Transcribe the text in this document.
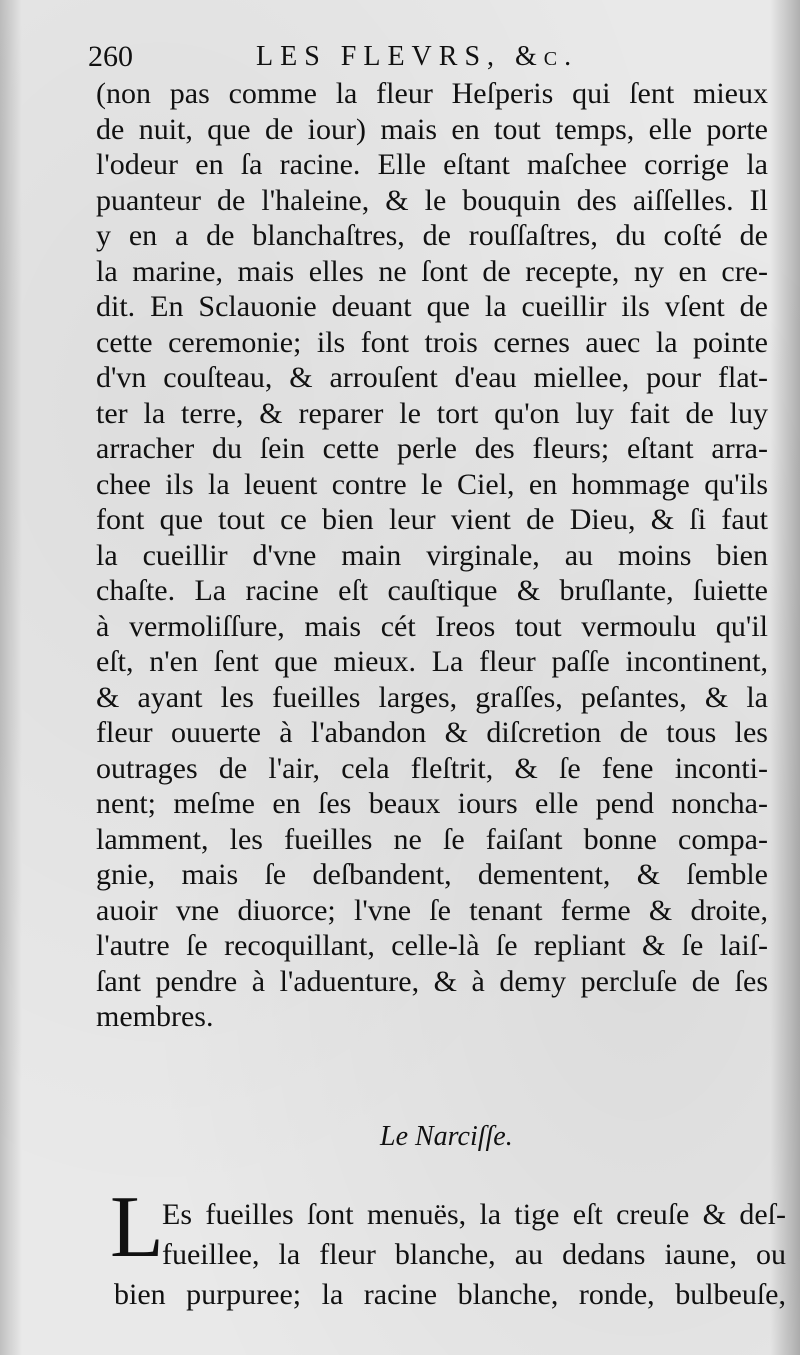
260	LES FLEVRS, &c.
(non pas comme la fleur Heſperis qui ſent mieux
de nuit, que de iour) mais en tout temps, elle porte
l'odeur en ſa racine. Elle eſtant maſchee corrige la
puanteur de l'haleine, & le bouquin des aiſſelles. Il
y en a de blanchaſtres, de rouſſaſtres, du coſté de
la marine, mais elles ne ſont de recepte, ny en cre-
dit. En Sclauonie deuant que la cueillir ils vſent de
cette ceremonie; ils font trois cernes auec la pointe
d'vn couſteau, & arrouſent d'eau miellee, pour flat-
ter la terre, & reparer le tort qu'on luy fait de luy
arracher du ſein cette perle des fleurs; eſtant arra-
chee ils la leuent contre le Ciel, en hommage qu'ils
font que tout ce bien leur vient de Dieu, & ſi faut
la cueillir d'vne main virginale, au moins bien
chaſte. La racine eſt cauſtique & bruſlante, ſuiette
à vermoliſſure, mais cét Ireos tout vermoulu qu'il
eſt, n'en ſent que mieux. La fleur paſſe incontinent,
& ayant les fueilles larges, graſſes, peſantes, & la
fleur ouuerte à l'abandon & diſcretion de tous les
outrages de l'air, cela fleſtrit, & ſe fene inconti-
nent; meſme en ſes beaux iours elle pend noncha-
lamment, les fueilles ne ſe faiſant bonne compa-
gnie, mais ſe deſbandent, dementent, & ſemble
auoir vne diuorce; l'vne ſe tenant ferme & droite,
l'autre ſe recoquillant, celle-là ſe repliant & ſe laiſ-
ſant pendre à l'aduenture, & à demy percluſe de ſes
membres.
Le Narciſſe.
L
Es fueilles ſont menuës, la tige eſt creuſe & deſ-
fueillee, la fleur blanche, au dedans iaune, ou
bien purpuree; la racine blanche, ronde, bulbeuſe,
